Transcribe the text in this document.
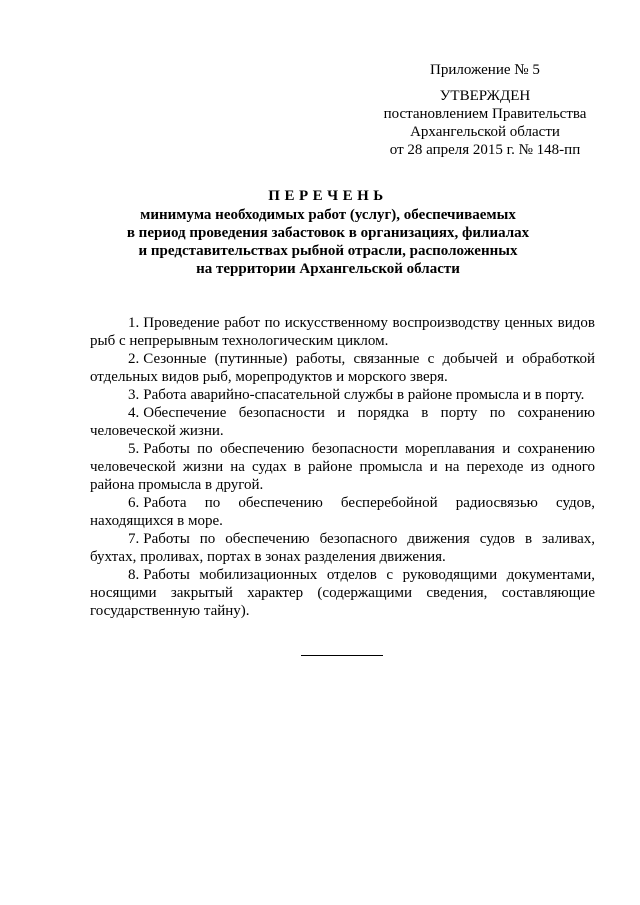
Приложение № 5
УТВЕРЖДЕН
постановлением Правительства
Архангельской области
от 28 апреля 2015 г. № 148-пп
ПЕРЕЧЕНЬ
минимума необходимых работ (услуг), обеспечиваемых
в период проведения забастовок в организациях, филиалах
и представительствах рыбной отрасли, расположенных
на территории Архангельской области
1. Проведение работ по искусственному воспроизводству ценных видов рыб с непрерывным технологическим циклом.
2. Сезонные (путинные) работы, связанные с добычей и обработкой отдельных видов рыб, морепродуктов и морского зверя.
3. Работа аварийно-спасательной службы в районе промысла и в порту.
4. Обеспечение безопасности и порядка в порту по сохранению человеческой жизни.
5. Работы по обеспечению безопасности мореплавания и сохранению человеческой жизни на судах в районе промысла и на переходе из одного района промысла в другой.
6. Работа по обеспечению бесперебойной радиосвязью судов, находящихся в море.
7. Работы по обеспечению безопасного движения судов в заливах, бухтах, проливах, портах в зонах разделения движения.
8. Работы мобилизационных отделов с руководящими документами, носящими закрытый характер (содержащими сведения, составляющие государственную тайну).
